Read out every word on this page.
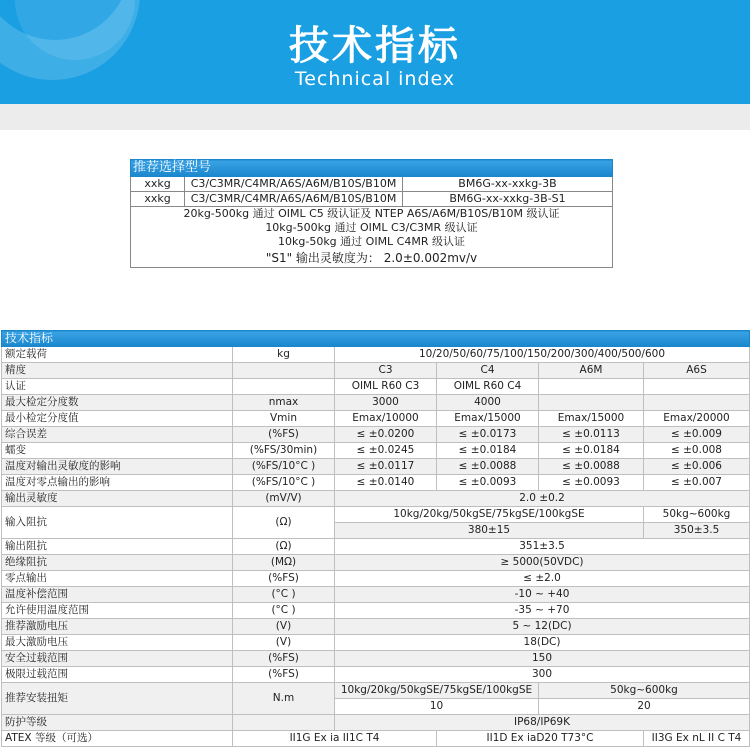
技术指标
Technical index
推荐选择型号		
xxkg	C3/C3MR/C4MR/A6S/A6M/B10S/B10M	BM6G-xx-xxkg-3B
xxkg	C3/C3MR/C4MR/A6S/A6M/B10S/B10M	BM6G-xx-xxkg-3B-S1
20kg-500kg 通过 OIML C5 级认证及 NTEP A6S/A6M/B10S/B10M 级认证		
10kg-500kg 通过 OIML C3/C3MR 级认证		
10kg-50kg 通过 OIML C4MR 级认证		
"S1" 输出灵敏度为： 2.0±0.002mv/v		
技术指标					
额定载荷	kg	10/20/50/60/75/100/150/200/300/400/500/600			
精度		C3	C4	A6M	A6S
认证		OIML R60 C3	OIML R60 C4		
最大检定分度数	nmax	3000	4000		
最小检定分度值	Vmin	Emax/10000	Emax/15000	Emax/15000	Emax/20000
综合误差	(%FS)	≤ ±0.0200	≤ ±0.0173	≤ ±0.0113	≤ ±0.009
蠕变	(%FS/30min)	≤ ±0.0245	≤ ±0.0184	≤ ±0.0184	≤ ±0.008
温度对输出灵敏度的影响	(%FS/10°C )	≤ ±0.0117	≤ ±0.0088	≤ ±0.0088	≤ ±0.006
温度对零点输出的影响	(%FS/10°C )	≤ ±0.0140	≤ ±0.0093	≤ ±0.0093	≤ ±0.007
输出灵敏度	(mV/V)	2.0 ±0.2			
输入阻抗	(Ω)	10kg/20kg/50kgSE/75kgSE/100kgSE			50kg~600kg
		380±15			350±3.5
输出阻抗	(Ω)	351±3.5			
绝缘阻抗	(MΩ)	≥ 5000(50VDC)			
零点输出	(%FS)	≤ ±2.0			
温度补偿范围	(°C )	-10 ~ +40			
允许使用温度范围	(°C )	-35 ~ +70			
推荐激励电压	(V)	5 ~ 12(DC)			
最大激励电压	(V)	18(DC)			
安全过载范围	(%FS)	150			
极限过载范围	(%FS)	300			
推荐安装扭矩	N.m	10kg/20kg/50kgSE/75kgSE/100kgSE		50kg~600kg	
		10		20	
防护等级		IP68/IP69K			
ATEX 等级（可选）	II1G Ex ia II1C T4		II1D Ex iaD20 T73°C		II3G Ex nL II C T4
